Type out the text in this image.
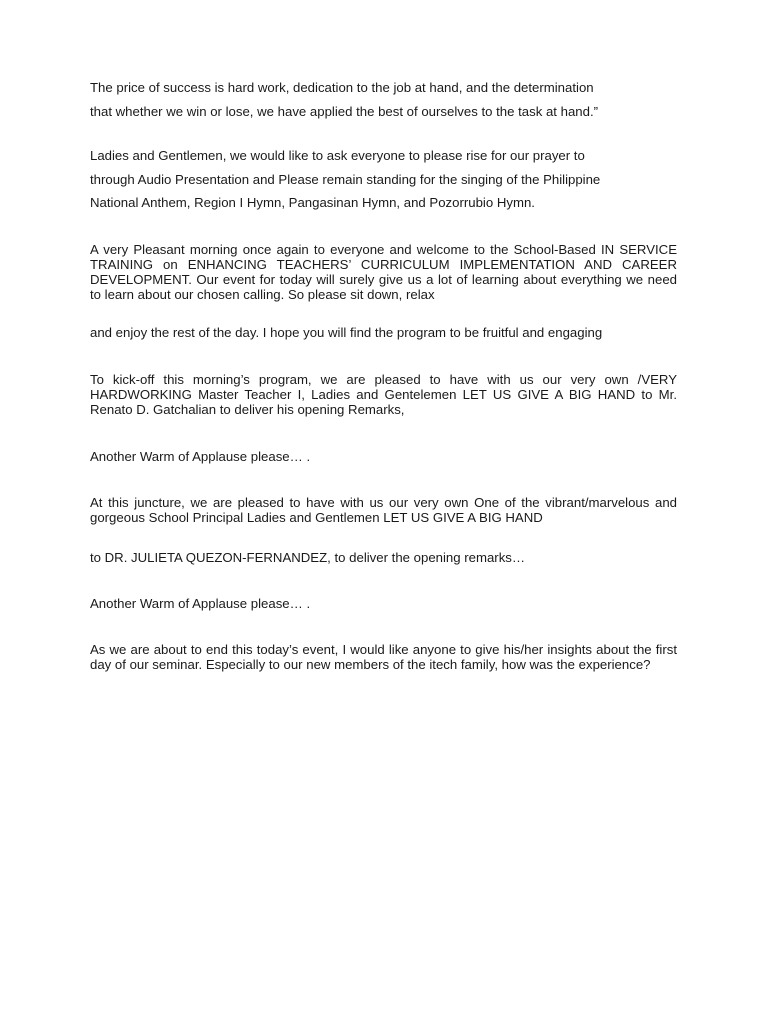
The price of success is hard work, dedication to the job at hand, and the determination
that whether we win or lose, we have applied the best of ourselves to the task at hand.”

Ladies and Gentlemen, we would like to ask everyone to please rise for our prayer to
through Audio Presentation and Please remain standing for the singing of the Philippine
National Anthem, Region I Hymn, Pangasinan Hymn, and Pozorrubio Hymn.

A very Pleasant morning once again to everyone and welcome to the School-Based IN SERVICE TRAINING on ENHANCING TEACHERS’ CURRICULUM IMPLEMENTATION AND CAREER DEVELOPMENT. Our event for today will surely give us a lot of learning about everything we need to learn about our chosen calling. So please sit down, relax

and enjoy the rest of the day. I hope you will find the program to be fruitful and engaging

To kick-off this morning’s program, we are pleased to have with us our very own /VERY HARDWORKING Master Teacher I, Ladies and Gentelemen LET US GIVE A BIG HAND to Mr. Renato D. Gatchalian to deliver his opening Remarks,

Another Warm of Applause please… .

At this juncture, we are pleased to have with us our very own One of the vibrant/marvelous and gorgeous School Principal Ladies and Gentlemen LET US GIVE A BIG HAND

to DR. JULIETA QUEZON-FERNANDEZ, to deliver the opening remarks…

Another Warm of Applause please… .

As we are about to end this today’s event, I would like anyone to give his/her insights about the first day of our seminar. Especially to our new members of the itech family, how was the experience?
